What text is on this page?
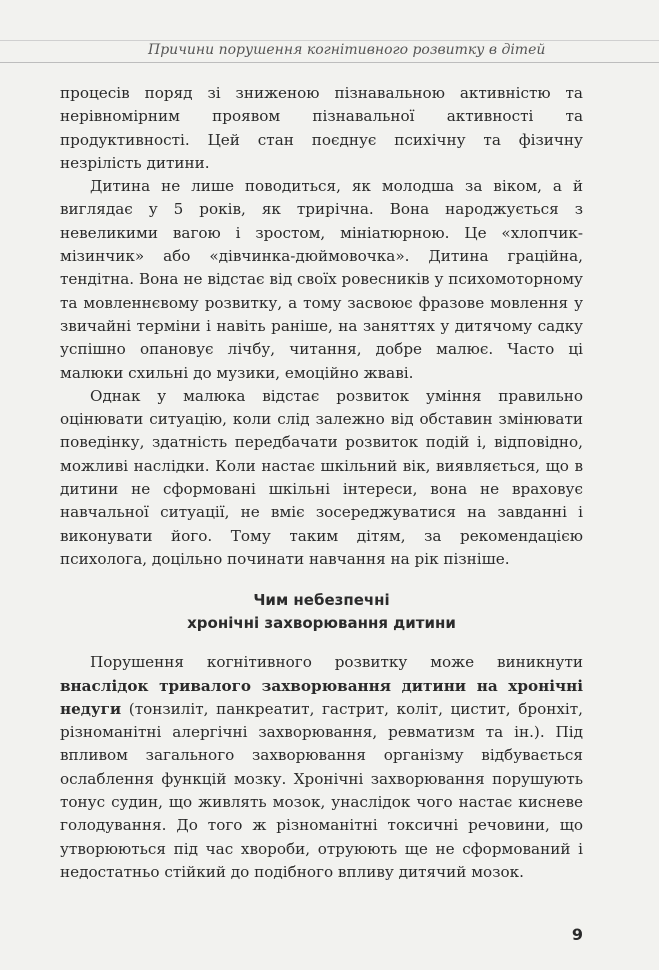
Причини порушення когнітивного розвитку в дітей

процесів поряд зі зниженою пізнавальною активністю та нерівномірним проявом пізнавальної активності та продуктивності. Цей стан поєднує психічну та фізичну незрілість дитини.

Дитина не лише поводиться, як молодша за віком, а й виглядає у 5 років, як трирічна. Вона народжується з невеликими вагою і зростом, мініатюрною. Це «хлопчик-мізинчик» або «дівчинка-дюймовочка». Дитина граційна, тендітна. Вона не відстає від своїх ровесників у психомоторному та мовленнєвому розвитку, а тому засвоює фразове мовлення у звичайні терміни і навіть раніше, на заняттях у дитячому садку успішно опановує лічбу, читання, добре малює. Часто ці малюки схильні до музики, емоційно жваві.

Однак у малюка відстає розвиток уміння правильно оцінювати ситуацію, коли слід залежно від обставин змінювати поведінку, здатність передбачати розвиток подій і, відповідно, можливі наслідки. Коли настає шкільний вік, виявляється, що в дитини не сформовані шкільні інтереси, вона не враховує навчальної ситуації, не вміє зосереджуватися на завданні і виконувати його. Тому таким дітям, за рекомендацією психолога, доцільно починати навчання на рік пізніше.

Чим небезпечні
хронічні захворювання дитини

Порушення когнітивного розвитку може виникнути внаслідок тривалого захворювання дитини на хронічні недуги (тонзиліт, панкреатит, гастрит, коліт, цистит, бронхіт, різноманітні алергічні захворювання, ревматизм та ін.). Під впливом загального захворювання організму відбувається ослаблення функцій мозку. Хронічні захворювання порушують тонус судин, що живлять мозок, унаслідок чого настає кисневе голодування. До того ж різноманітні токсичні речовини, що утворюються під час хвороби, отруюють ще не сформований і недостатньо стійкий до подібного впливу дитячий мозок.

9
